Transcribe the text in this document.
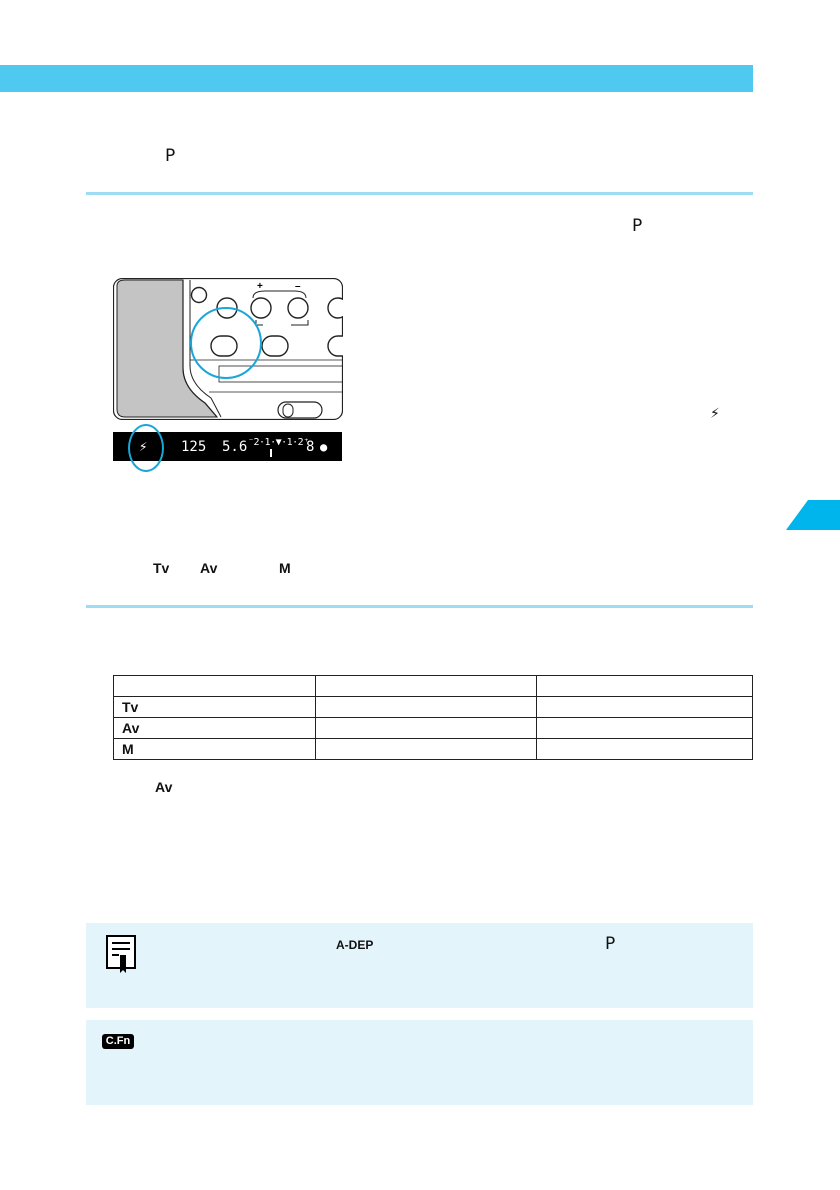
P
P
+	–
⚡ 125 5.6 ⁻2·1·▼·1·2⁺
8 ●
⚡
Tv Av	M

Tv		
Av		
M		
Av
A-DEP	P
C.Fn
